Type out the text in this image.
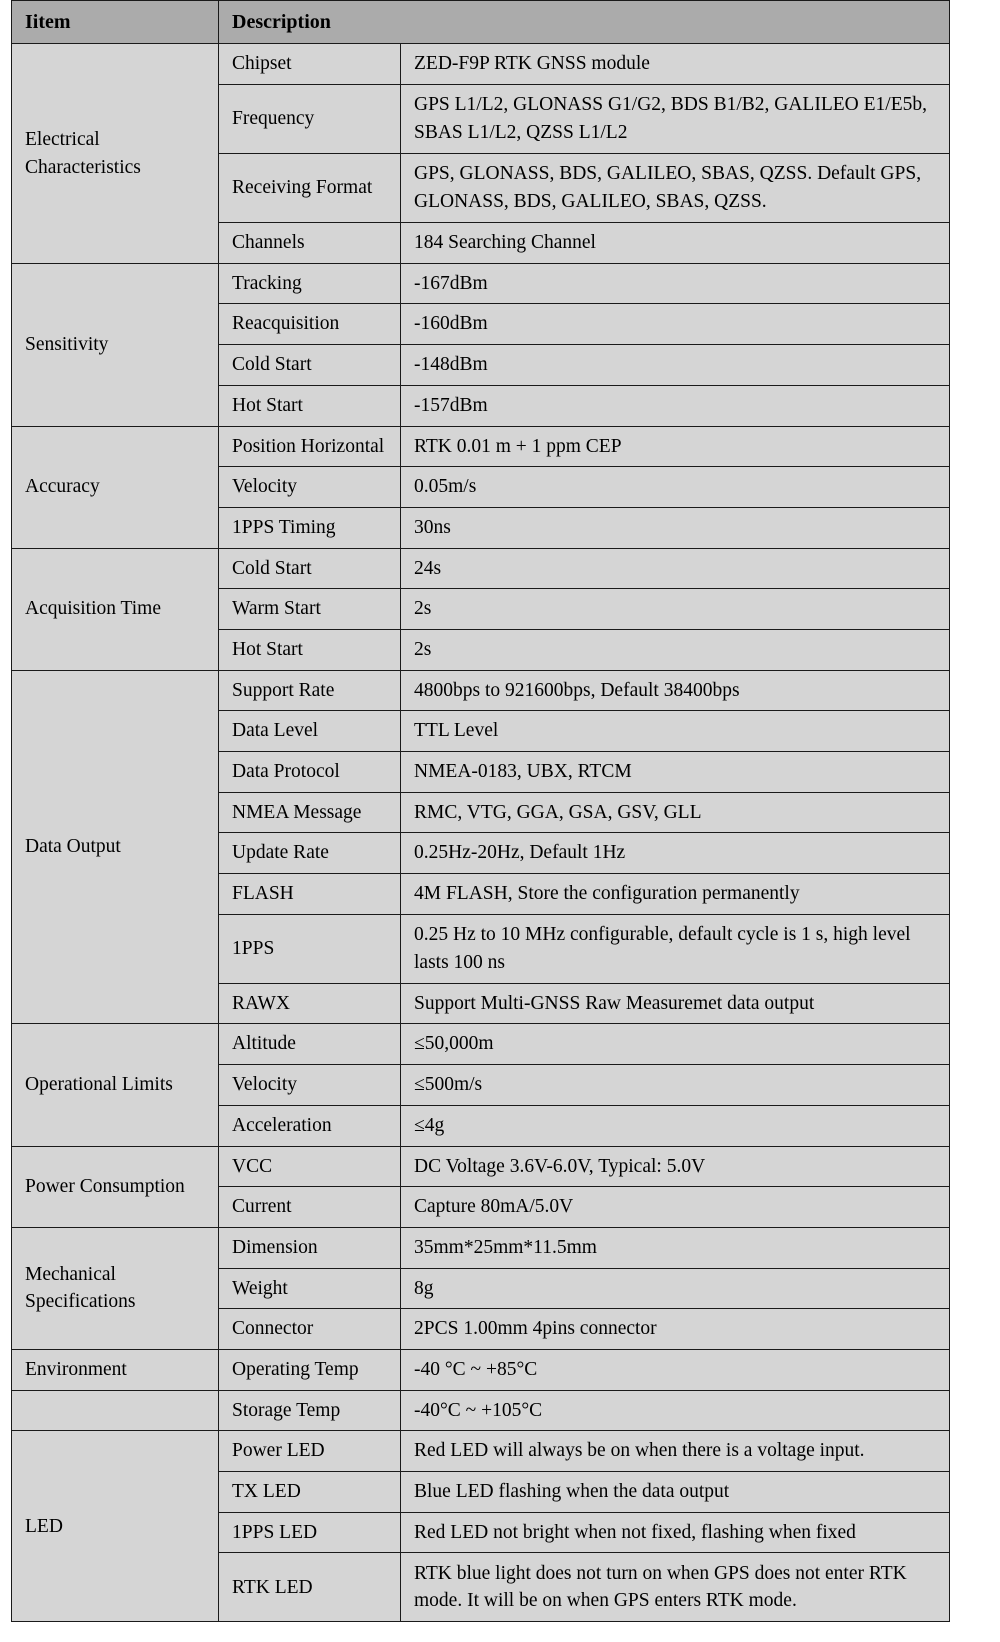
Iitem	Description	
Electrical Characteristics	Chipset	ZED-F9P RTK GNSS module
	Frequency	GPS L1/L2, GLONASS G1/G2, BDS B1/B2, GALILEO E1/E5b, SBAS L1/L2, QZSS L1/L2
	Receiving Format	GPS, GLONASS, BDS, GALILEO, SBAS, QZSS. Default GPS, GLONASS, BDS, GALILEO, SBAS, QZSS.
	Channels	184 Searching Channel
Sensitivity	Tracking	-167dBm
	Reacquisition	-160dBm
	Cold Start	-148dBm
	Hot Start	-157dBm
Accuracy	Position Horizontal	RTK 0.01 m + 1 ppm CEP
	Velocity	0.05m/s
	1PPS Timing	30ns
Acquisition Time	Cold Start	24s
	Warm Start	2s
	Hot Start	2s
Data Output	Support Rate	4800bps to 921600bps, Default 38400bps
	Data Level	TTL Level
	Data Protocol	NMEA-0183, UBX, RTCM
	NMEA Message	RMC, VTG, GGA, GSA, GSV, GLL
	Update Rate	0.25Hz-20Hz, Default 1Hz
	FLASH	4M FLASH, Store the configuration permanently
	1PPS	0.25 Hz to 10 MHz configurable, default cycle is 1 s, high level lasts 100 ns
	RAWX	Support Multi-GNSS Raw Measuremet data output
Operational Limits	Altitude	≤50,000m
	Velocity	≤500m/s
	Acceleration	≤4g
Power Consumption	VCC	DC Voltage 3.6V-6.0V, Typical: 5.0V
	Current	Capture 80mA/5.0V
Mechanical Specifications	Dimension	35mm*25mm*11.5mm
	Weight	8g
	Connector	2PCS 1.00mm 4pins connector
Environment	Operating Temp	-40 °C ~ +85°C
	Storage Temp	-40°C ~ +105°C
LED	Power LED	Red LED will always be on when there is a voltage input.
	TX LED	Blue LED flashing when the data output
	1PPS LED	Red LED not bright when not fixed, flashing when fixed
	RTK LED	RTK blue light does not turn on when GPS does not enter RTK mode. It will be on when GPS enters RTK mode.
